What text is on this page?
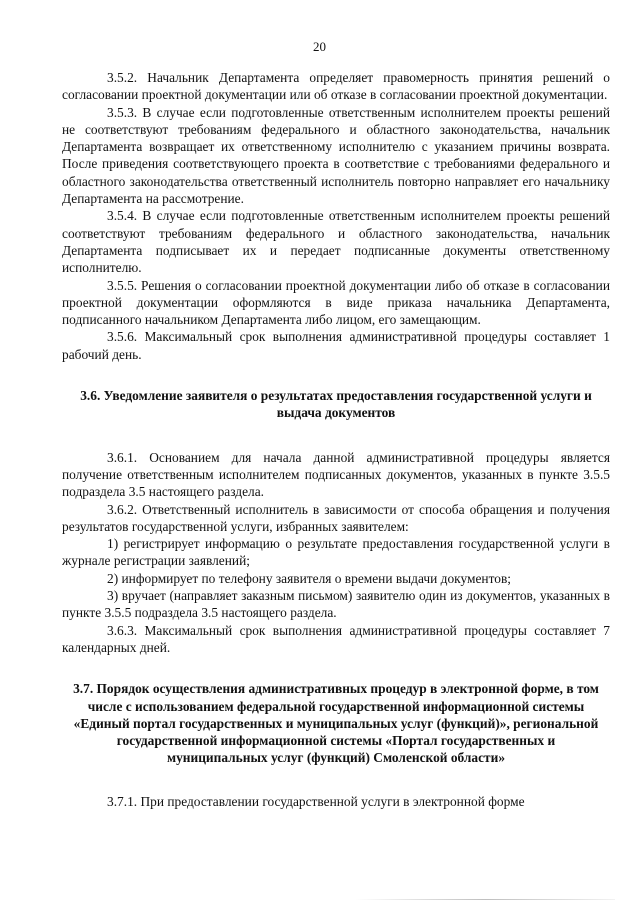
20

3.5.2. Начальник Департамента определяет правомерность принятия решений о согласовании проектной документации или об отказе в согласовании проектной документации.

3.5.3. В случае если подготовленные ответственным исполнителем проекты решений не соответствуют требованиям федерального и областного законодательства, начальник Департамента возвращает их ответственному исполнителю с указанием причины возврата. После приведения соответствующего проекта в соответствие с требованиями федерального и областного законодательства ответственный исполнитель повторно направляет его начальнику Департамента на рассмотрение.

3.5.4. В случае если подготовленные ответственным исполнителем проекты решений соответствуют требованиям федерального и областного законодательства, начальник Департамента подписывает их и передает подписанные документы ответственному исполнителю.

3.5.5. Решения о согласовании проектной документации либо об отказе в согласовании проектной документации оформляются в виде приказа начальника Департамента, подписанного начальником Департамента либо лицом, его замещающим.

3.5.6. Максимальный срок выполнения административной процедуры составляет 1 рабочий день.

3.6. Уведомление заявителя о результатах предоставления государственной услуги и выдача документов

3.6.1. Основанием для начала данной административной процедуры является получение ответственным исполнителем подписанных документов, указанных в пункте 3.5.5 подраздела 3.5 настоящего раздела.

3.6.2. Ответственный исполнитель в зависимости от способа обращения и получения результатов государственной услуги, избранных заявителем:

1) регистрирует информацию о результате предоставления государственной услуги в журнале регистрации заявлений;

2) информирует по телефону заявителя о времени выдачи документов;

3) вручает (направляет заказным письмом) заявителю один из документов, указанных в пункте 3.5.5 подраздела 3.5 настоящего раздела.

3.6.3. Максимальный срок выполнения административной процедуры составляет 7 календарных дней.

3.7. Порядок осуществления административных процедур в электронной форме, в том числе с использованием федеральной государственной информационной системы «Единый портал государственных и муниципальных услуг (функций)», региональной государственной информационной системы «Портал государственных и муниципальных услуг (функций) Смоленской области»

3.7.1. При предоставлении государственной услуги в электронной форме
